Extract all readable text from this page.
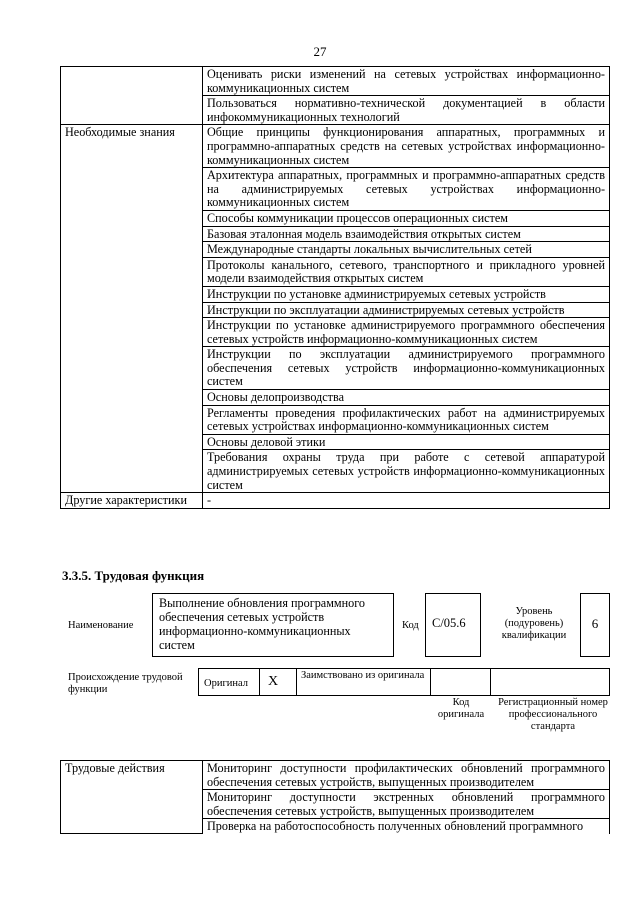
27
	Оценивать риски изменений на сетевых устройствах информационно-коммуникационных систем
	Пользоваться нормативно-технической документацией в области инфокоммуникационных технологий
Необходимые знания	Общие принципы функционирования аппаратных, программных и программно-аппаратных средств на сетевых устройствах информационно-коммуникационных систем
	Архитектура аппаратных, программных и программно-аппаратных средств на администрируемых сетевых устройствах информационно-коммуникационных систем
	Способы коммуникации процессов операционных систем
	Базовая эталонная модель взаимодействия открытых систем
	Международные стандарты локальных вычислительных сетей
	Протоколы канального, сетевого, транспортного и прикладного уровней модели взаимодействия открытых систем
	Инструкции по установке администрируемых сетевых устройств
	Инструкции по эксплуатации администрируемых сетевых устройств
	Инструкции по установке администрируемого программного обеспечения сетевых устройств информационно-коммуникационных систем
	Инструкции по эксплуатации администрируемого программного обеспечения сетевых устройств информационно-коммуникационных систем
	Основы делопроизводства
	Регламенты проведения профилактических работ на администрируемых сетевых устройствах информационно-коммуникационных систем
	Основы деловой этики
	Требования охраны труда при работе с сетевой аппаратурой администрируемых сетевых устройств информационно-коммуникационных систем
Другие характеристики	-
3.3.5. Трудовая функция
Наименование
Выполнение обновления программного обеспечения сетевых устройств информационно-коммуникационных систем
Код	С/05.6
Уровень (подуровень) квалификации
6
Происхождение трудовой функции
Оригинал X Заимствовано из оригинала
Код оригинала
Регистрационный номер профессионального стандарта
Трудовые действия	Мониторинг доступности профилактических обновлений программного обеспечения сетевых устройств, выпущенных производителем
Мониторинг доступности экстренных обновлений программного обеспечения сетевых устройств, выпущенных производителем
Проверка на работоспособность полученных обновлений программного
